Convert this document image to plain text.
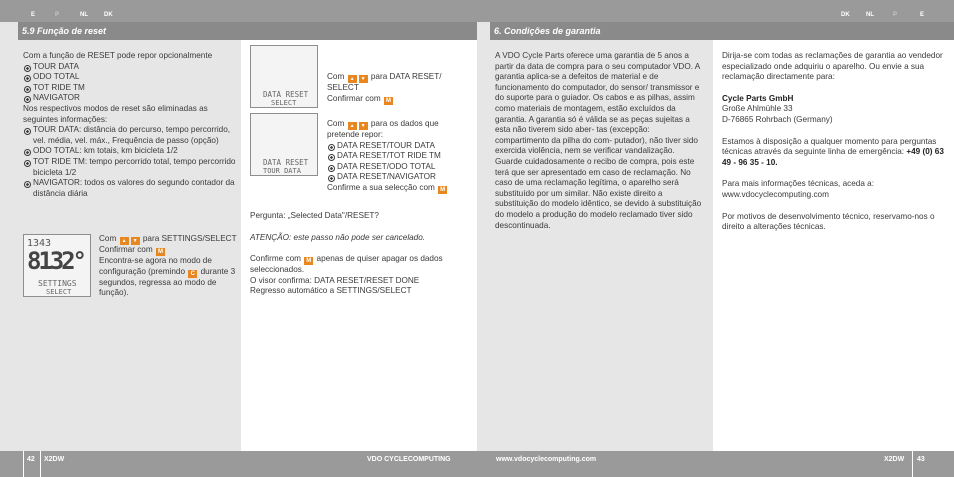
E	P	NL	DK	DK	NL	P	E
5.9 Função de reset	6. Condições de garantia

Com a função de RESET pode repor opcionalmente

TOUR DATA
ODO TOTAL
TOT RIDE TM
NAVIGATOR

Nos respectivos modos de reset são eliminadas as seguintes informações:

TOUR DATA: distância do percurso, tempo percorrido, vel. média, vel. máx., Frequência de passo (opção)
ODO TOTAL: km totais, km bicicleta 1/2
TOT RIDE TM: tempo percorrido total, tempo percorrido bicicleta 1/2
NAVIGATOR: todos os valores do segundo contador da distância diária
1343
8132°
SETTINGS
SELECT

Com ▲ ▼	para SETTINGS/SELECT

Confirmar com M

Encontra-se agora no modo de configuração (premindo C durante 3 segundos, regressa ao modo de função).

DATA RESET
SELECT
DATA RESET
TOUR DATA

Com ▲ ▼	para DATA RESET/ SELECT

Confirmar com M

Com ▲ ▼	para os dados que pretende repor:

DATA RESET/TOUR DATA
DATA RESET/TOT RIDE TM
DATA RESET/ODO TOTAL
DATA RESET/NAVIGATOR

Confirme a sua selecção com M

Pergunta: „Selected Data"/RESET?

ATENÇÃO: este passo não pode ser cancelado.

Confirme com M apenas de quiser apagar os dados seleccionados.

O visor confirma: DATA RESET/RESET DONE

Regresso automático a SETTINGS/SELECT

A VDO Cycle Parts oferece uma garantia de 5 anos a partir da data de compra para o seu computador VDO. A garantia aplica-se a defeitos de material e de funcionamento do computador, do sensor/ transmissor e do suporte para o guiador. Os cabos e as pilhas, assim como materiais de montagem, estão excluídos da garantia. A garantia só é válida se as peças sujeitas a esta não tiverem sido aber- tas (excepção: compartimento da pilha do com- putador), não tiver sido exercida violência, nem se verificar vandalização.

Guarde cuidadosamente o recibo de compra, pois este terá que ser apresentado em caso de reclamação. No caso de uma reclamação legítima, o aparelho será substituído por um similar. Não existe direito a substituição do modelo idêntico, se devido à substituição do modelo a produção do modelo reclamado tiver sido descontinuada.

Dirija-se com todas as reclamações de garantia ao vendedor especializado onde adquiriu o aparelho. Ou envie a sua reclamação directamente para:

Cycle Parts GmbH

Große Ahlmühle 33

D-76865 Rohrbach (Germany)

Estamos à disposição a qualquer momento para perguntas técnicas através da seguinte linha de emergência: +49 (0) 63 49 - 96 35 - 10.

Para mais informações técnicas, aceda a: www.vdocyclecomputing.com

Por motivos de desenvolvimento técnico, reservamo-nos o direito a alterações técnicas.

42 X2DW	VDO CYCLECOMPUTING	www.vdocyclecomputing.com	X2DW 43
